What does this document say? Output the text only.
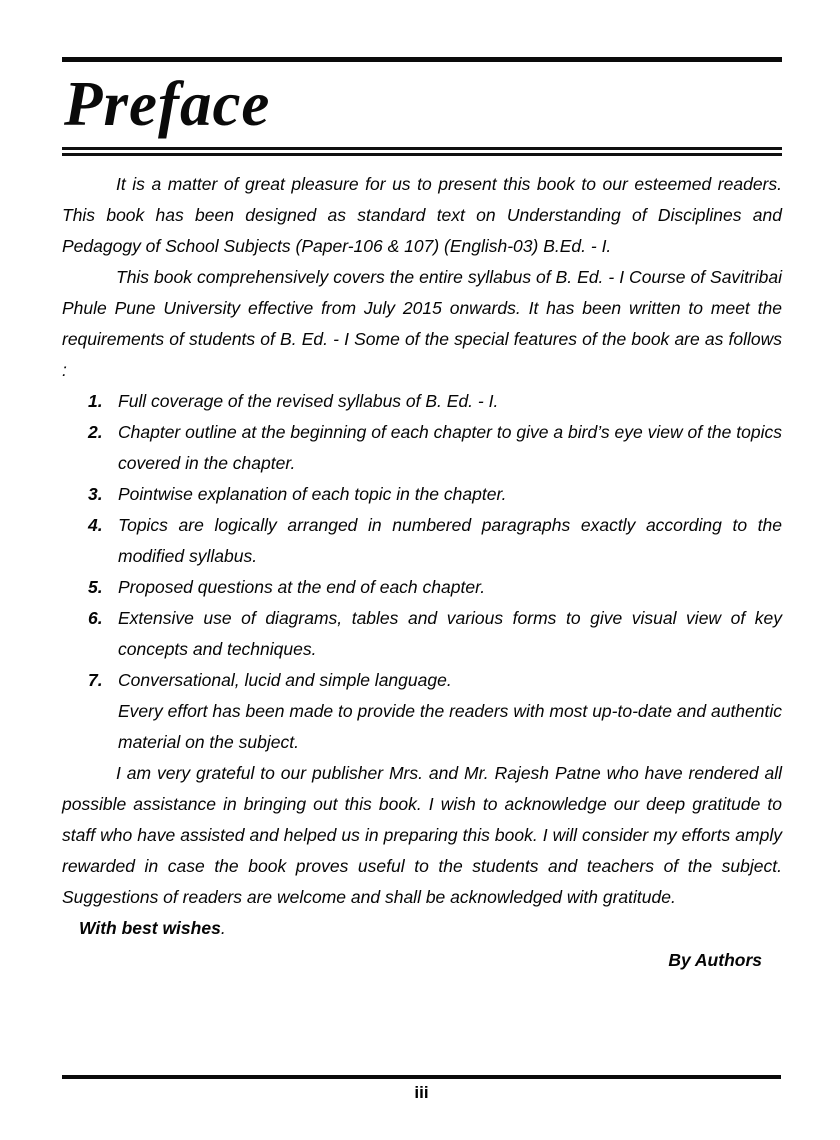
Preface

It is a matter of great pleasure for us to present this book to our esteemed readers. This book has been designed as standard text on Understanding of Disciplines and Pedagogy of School Subjects (Paper-106 & 107) (English-03) B.Ed. - I.

This book comprehensively covers the entire syllabus of B. Ed. - I Course of Savitribai Phule Pune University effective from July 2015 onwards. It has been written to meet the requirements of students of B. Ed. - I Some of the special features of the book are as follows :

1. Full coverage of the revised syllabus of B. Ed. - I.
2. Chapter outline at the beginning of each chapter to give a bird’s eye view of the topics covered in the chapter.
3. Pointwise explanation of each topic in the chapter.
4. Topics are logically arranged in numbered paragraphs exactly according to the modified syllabus.
5. Proposed questions at the end of each chapter.
6. Extensive use of diagrams, tables and various forms to give visual view of key concepts and techniques.
7. Conversational, lucid and simple language.

Every effort has been made to provide the readers with most up-to-date and authentic material on the subject.

I am very grateful to our publisher Mrs. and Mr. Rajesh Patne who have rendered all possible assistance in bringing out this book. I wish to acknowledge our deep gratitude to staff who have assisted and helped us in preparing this book. I will consider my efforts amply rewarded in case the book proves useful to the students and teachers of the subject. Suggestions of readers are welcome and shall be acknowledged with gratitude.

With best wishes.

By Authors

iii
